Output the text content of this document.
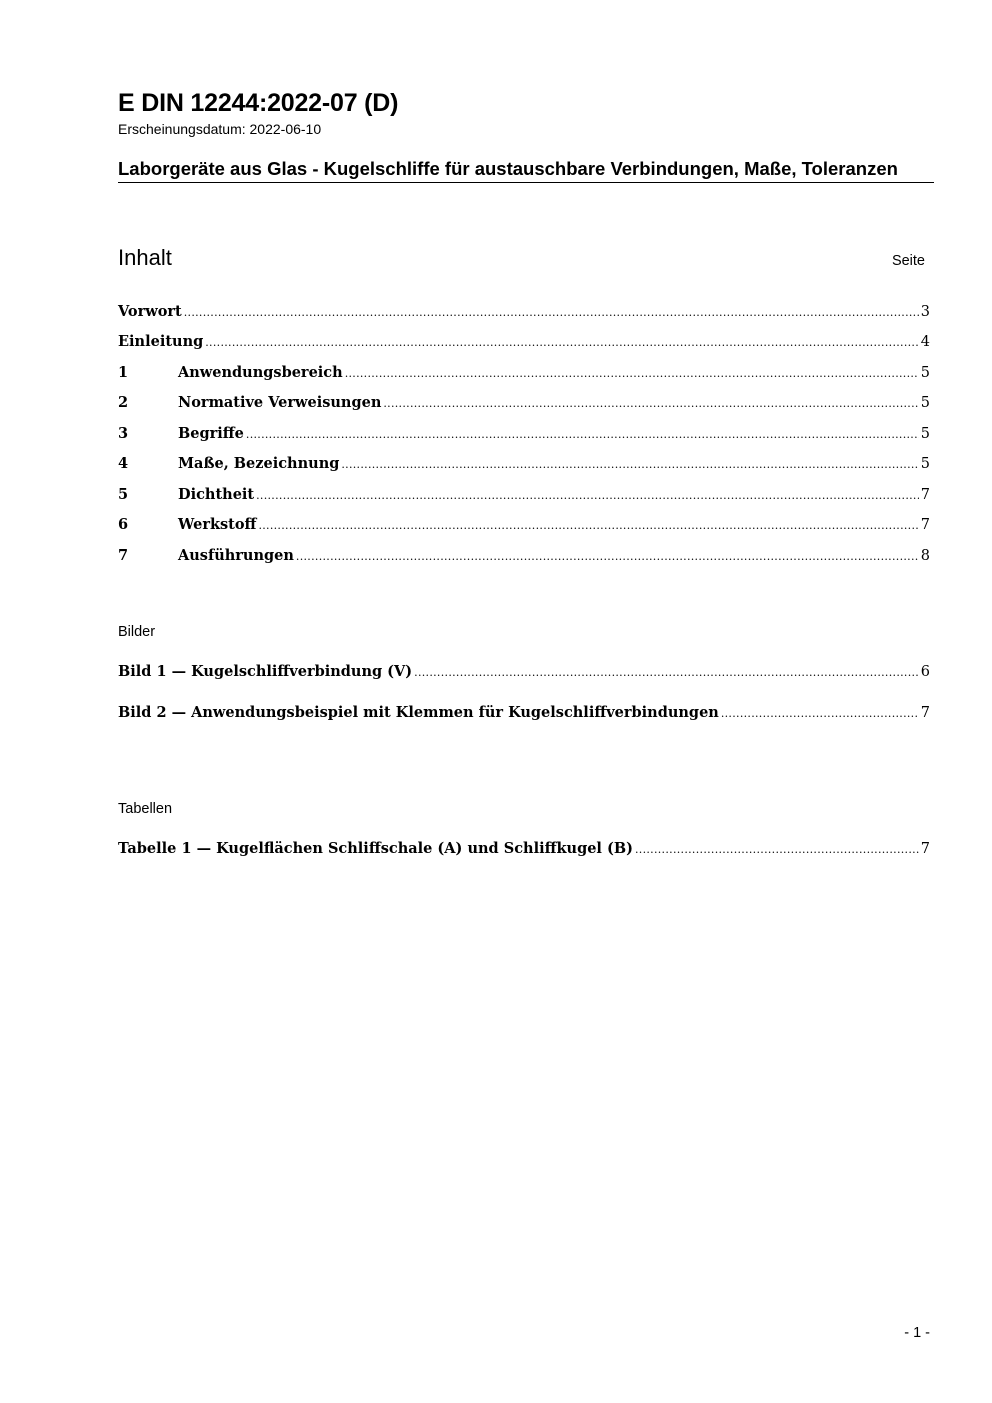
E DIN 12244:2022-07 (D)
Erscheinungsdatum: 2022-06-10
Laborgeräte aus Glas - Kugelschliffe für austauschbare Verbindungen, Maße, Toleranzen
Inhalt	Seite
Vorwort .....	3
Einleitung .....	4
1	Anwendungsbereich .....	5
2	Normative Verweisungen .....	5
3	Begriffe .....	5
4	Maße, Bezeichnung .....	5
5	Dichtheit .....	7
6	Werkstoff .....	7
7	Ausführungen .....	8
Bilder
Bild 1 — Kugelschliffverbindung (V) .....	6
Bild 2 — Anwendungsbeispiel mit Klemmen für Kugelschliffverbindungen .....	7
Tabellen
Tabelle 1 — Kugelflächen Schliffschale (A) und Schliffkugel (B) .....	7
- 1 -
